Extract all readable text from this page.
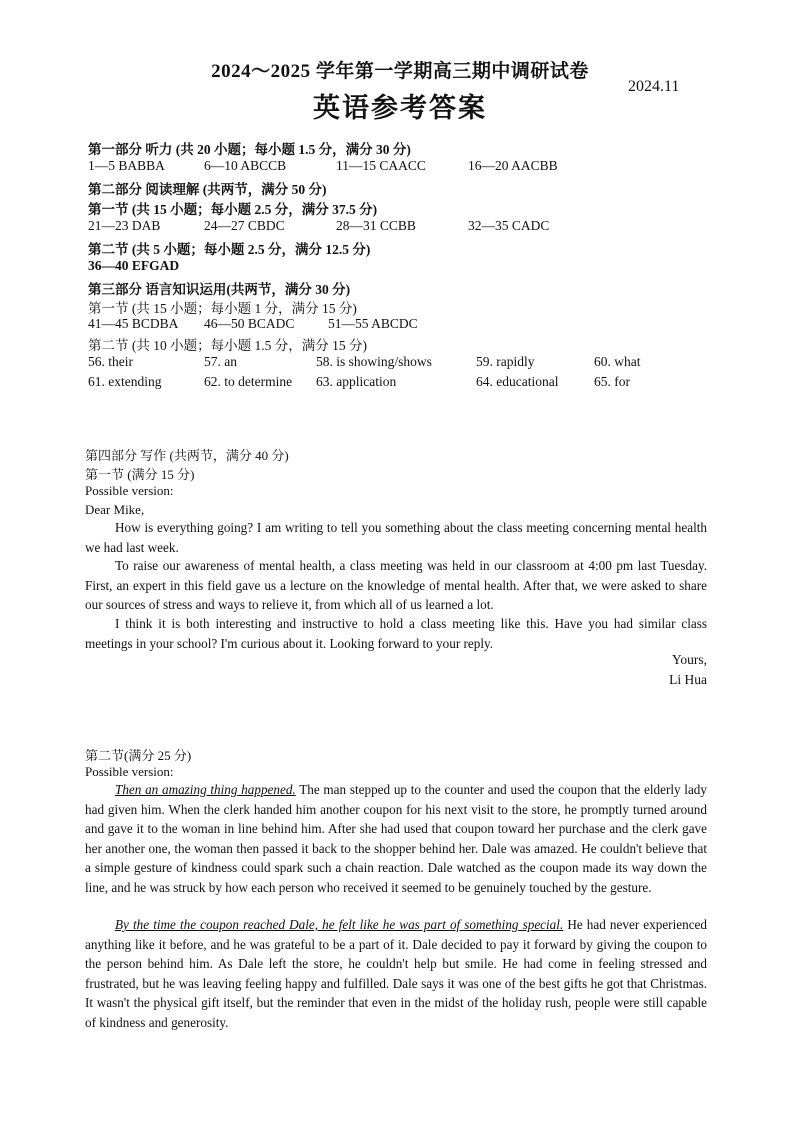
2024～2025 学年第一学期高三期中调研试卷
英语参考答案
2024.11
第一部分 听力 (共 20 小题；每小题 1.5 分，满分 30 分)
1—5 BABBA	6—10 ABCCB	11—15 CAACC	16—20 AACBB
第二部分 阅读理解 (共两节，满分 50 分)
第一节 (共 15 小题；每小题 2.5 分，满分 37.5 分)
21—23 DAB	24—27 CBDC	28—31 CCBB	32—35 CADC
第二节 (共 5 小题；每小题 2.5 分，满分 12.5 分)
36—40 EFGAD
第三部分 语言知识运用(共两节，满分 30 分)
第一节 (共 15 小题；每小题 1 分，满分 15 分)
41—45 BCDBA 46—50 BCADC 51—55 ABCDC
第二节 (共 10 小题；每小题 1.5 分，满分 15 分)
56. their	57. an	58. is showing/shows	59. rapidly	60. what
61. extending	62. to determine 63. application	64. educational	65. for
第四部分 写作 (共两节，满分 40 分)
第一节 (满分 15 分)
Possible version:
Dear Mike,
How is everything going? I am writing to tell you something about the class meeting concerning mental health we had last week.
To raise our awareness of mental health, a class meeting was held in our classroom at 4:00 pm last Tuesday. First, an expert in this field gave us a lecture on the knowledge of mental health. After that, we were asked to share our sources of stress and ways to relieve it, from which all of us learned a lot.
I think it is both interesting and instructive to hold a class meeting like this. Have you had similar class meetings in your school? I'm curious about it. Looking forward to your reply.
Yours,
Li Hua
第二节(满分 25 分)
Possible version:
Then an amazing thing happened. The man stepped up to the counter and used the coupon that the elderly lady had given him. When the clerk handed him another coupon for his next visit to the store, he promptly turned around and gave it to the woman in line behind him. After she had used that coupon toward her purchase and the clerk gave her another one, the woman then passed it back to the shopper behind her. Dale was amazed. He couldn't believe that a simple gesture of kindness could spark such a chain reaction. Dale watched as the coupon made its way down the line, and he was struck by how each person who received it seemed to be genuinely touched by the gesture.
By the time the coupon reached Dale, he felt like he was part of something special. He had never experienced anything like it before, and he was grateful to be a part of it. Dale decided to pay it forward by giving the coupon to the person behind him. As Dale left the store, he couldn't help but smile. He had come in feeling stressed and frustrated, but he was leaving feeling happy and fulfilled. Dale says it was one of the best gifts he got that Christmas. It wasn't the physical gift itself, but the reminder that even in the midst of the holiday rush, people were still capable of kindness and generosity.
